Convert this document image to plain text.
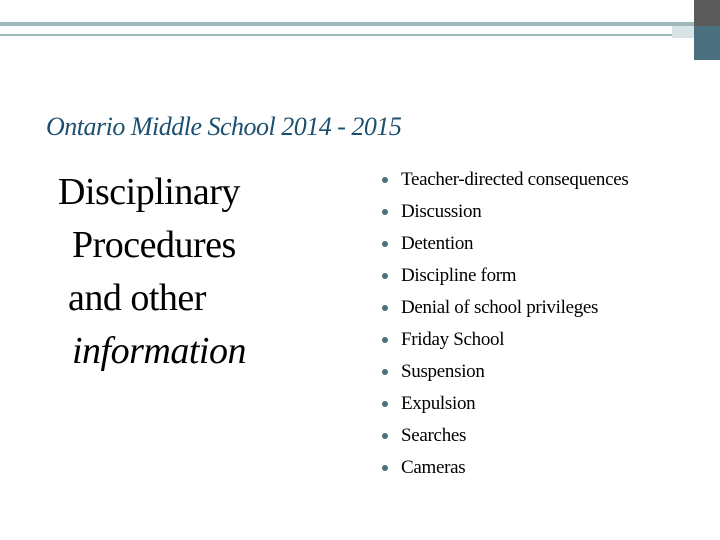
Ontario Middle School 2014 - 2015
Disciplinary
Procedures
and other
information
Teacher-directed consequences
Discussion
Detention
Discipline form
Denial of school privileges
Friday School
Suspension
Expulsion
Searches
Cameras
